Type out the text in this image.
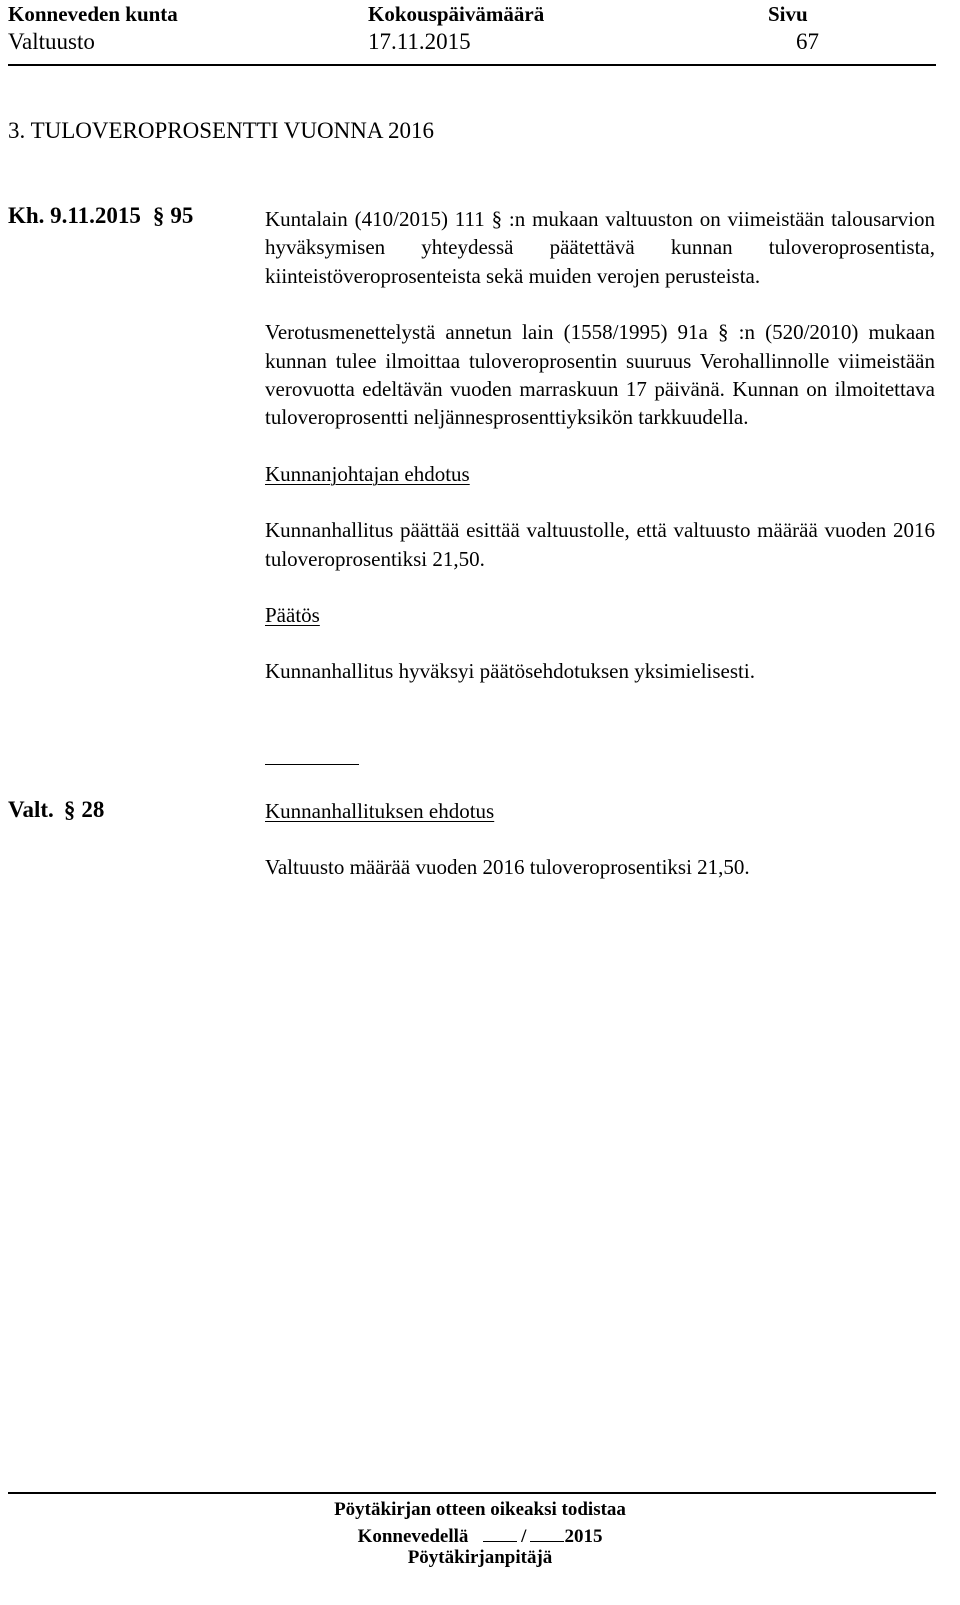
Konneveden kunta	Kokouspäivämäärä	Sivu
Valtuusto	17.11.2015	67
3. TULOVEROPROSENTTI VUONNA 2016
Kh. 9.11.2015 § 95	Kuntalain (410/2015) 111 § :n mukaan valtuuston on viimeistään talousarvion hyväksymisen yhteydessä päätettävä kunnan tuloveroprosentista, kiinteistöveroprosenteista sekä muiden verojen perusteista.
Verotusmenettelystä annetun lain (1558/1995) 91a § :n (520/2010) mukaan kunnan tulee ilmoittaa tuloveroprosentin suuruus Verohallinnolle viimeistään verovuotta edeltävän vuoden marraskuun 17 päivänä. Kunnan on ilmoitettava tuloveroprosentti neljännesprosenttiyksikön tarkkuudella.
Kunnanjohtajan ehdotus
Kunnanhallitus päättää esittää valtuustolle, että valtuusto määrää vuoden 2016 tuloveroprosentiksi 21,50.
Päätös
Kunnanhallitus hyväksyi päätösehdotuksen yksimielisesti.
Valt. § 28	Kunnanhallituksen ehdotus
Valtuusto määrää vuoden 2016 tuloveroprosentiksi 21,50.
Pöytäkirjan otteen oikeaksi todistaa
Konnevedellä	/ 2015
Pöytäkirjanpitäjä
